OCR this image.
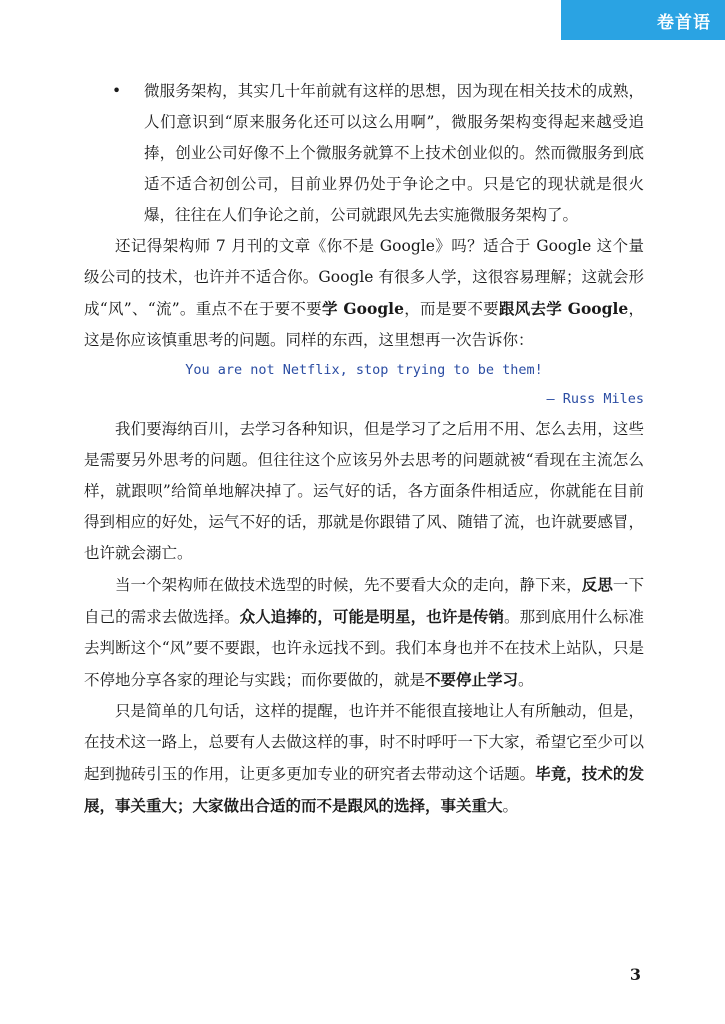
卷首语
• 微服务架构，其实几十年前就有这样的思想，因为现在相关技术的成熟，人们意识到“原来服务化还可以这么用啊”，微服务架构变得起来越受追捧，创业公司好像不上个微服务就算不上技术创业似的。然而微服务到底适不适合初创公司，目前业界仍处于争论之中。只是它的现状就是很火爆，往往在人们争论之前，公司就跟风先去实施微服务架构了。

还记得架构师 7 月刊的文章《你不是 Google》吗？适合于 Google 这个量级公司的技术，也许并不适合你。Google 有很多人学，这很容易理解；这就会形成“风”、“流”。重点不在于要不要学 Google，而是要不要跟风去学 Google，这是你应该慎重思考的问题。同样的东西，这里想再一次告诉你：

You are not Netflix, stop trying to be them!
— Russ Miles

我们要海纳百川，去学习各种知识，但是学习了之后用不用、怎么去用，这些是需要另外思考的问题。但往往这个应该另外去思考的问题就被“看现在主流怎么样，就跟呗”给简单地解决掉了。运气好的话，各方面条件相适应，你就能在目前得到相应的好处，运气不好的话，那就是你跟错了风、随错了流，也许就要感冒，也许就会溺亡。

当一个架构师在做技术选型的时候，先不要看大众的走向，静下来，反思一下自己的需求去做选择。众人追捧的，可能是明星，也许是传销。那到底用什么标准去判断这个“风”要不要跟，也许永远找不到。我们本身也并不在技术上站队，只是不停地分享各家的理论与实践；而你要做的，就是不要停止学习。

只是简单的几句话，这样的提醒，也许并不能很直接地让人有所触动，但是，在技术这一路上，总要有人去做这样的事，时不时呼吁一下大家，希望它至少可以起到抛砖引玉的作用，让更多更加专业的研究者去带动这个话题。毕竟，技术的发展，事关重大；大家做出合适的而不是跟风的选择，事关重大。

3
